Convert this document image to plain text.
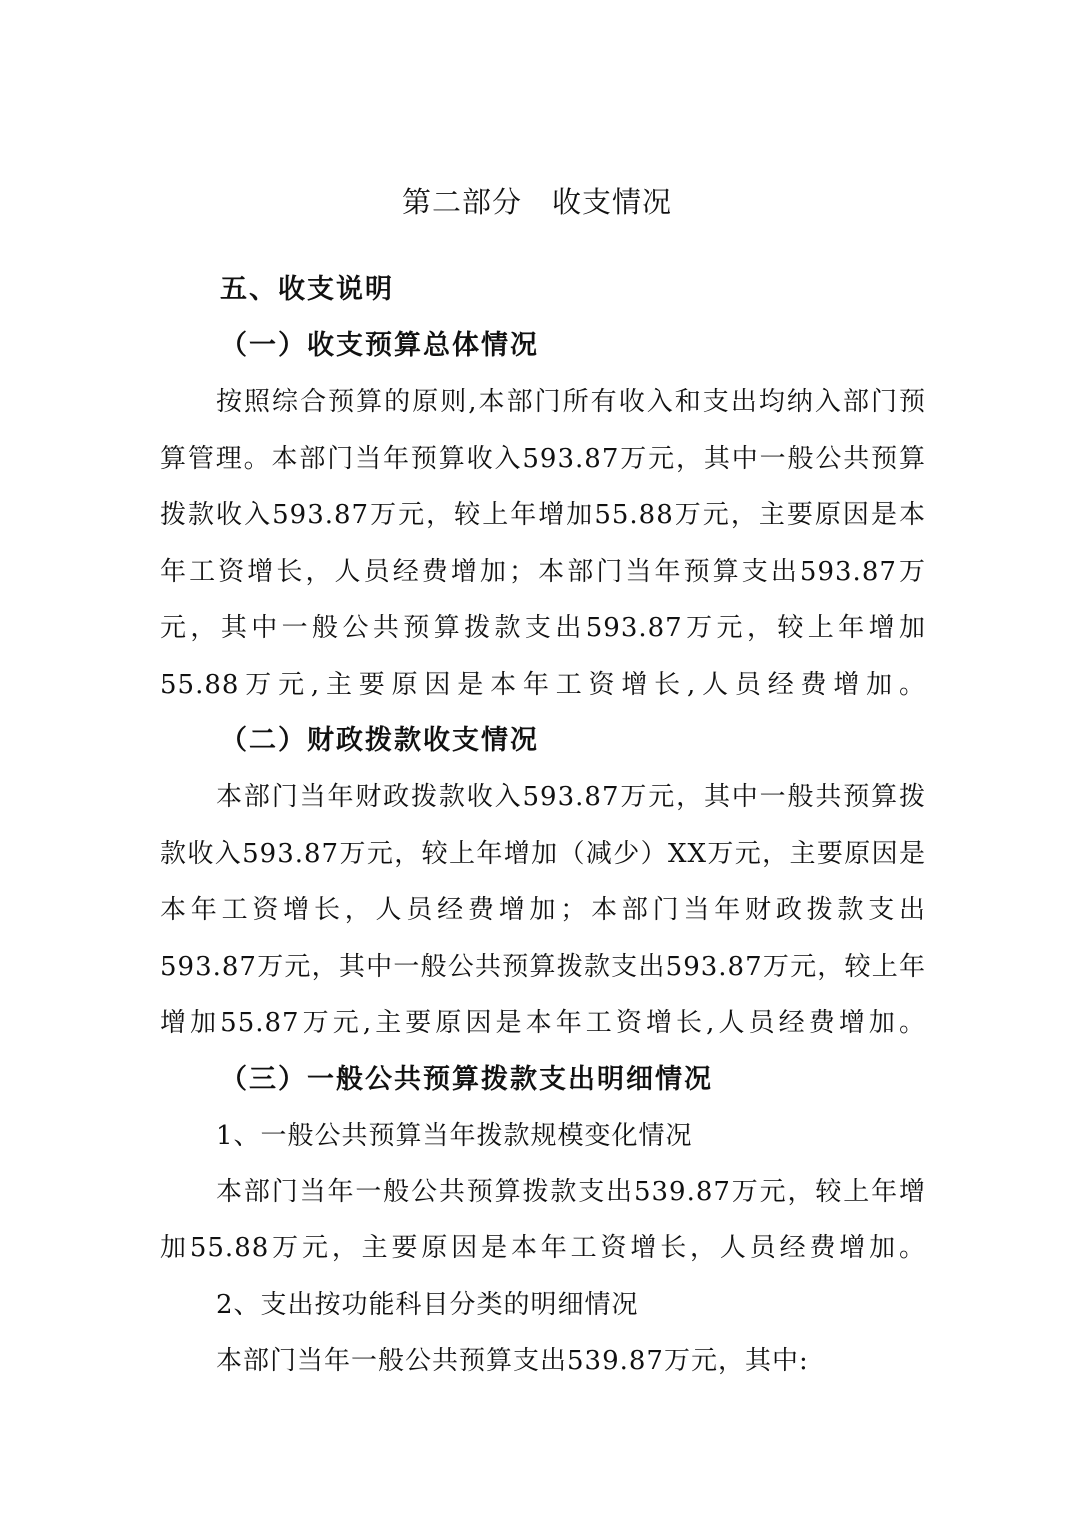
第二部分　收支情况

五、收支说明

（一）收支预算总体情况

按照综合预算的原则,本部门所有收入和支出均纳入部门预算管理。本部门当年预算收入593.87万元，其中一般公共预算拨款收入593.87万元，较上年增加55.88万元，主要原因是本年工资增长，人员经费增加；本部门当年预算支出593.87万元，其中一般公共预算拨款支出593.87万元，较上年增加55.88万元,主要原因是本年工资增长,人员经费增加。

（二）财政拨款收支情况

本部门当年财政拨款收入593.87万元，其中一般共预算拨款收入593.87万元，较上年增加（减少）XX万元，主要原因是本年工资增长，人员经费增加；本部门当年财政拨款支出593.87万元，其中一般公共预算拨款支出593.87万元，较上年增加55.87万元,主要原因是本年工资增长,人员经费增加。

（三）一般公共预算拨款支出明细情况

1、一般公共预算当年拨款规模变化情况

本部门当年一般公共预算拨款支出539.87万元，较上年增加55.88万元，主要原因是本年工资增长，人员经费增加。

2、支出按功能科目分类的明细情况

本部门当年一般公共预算支出539.87万元，其中:
